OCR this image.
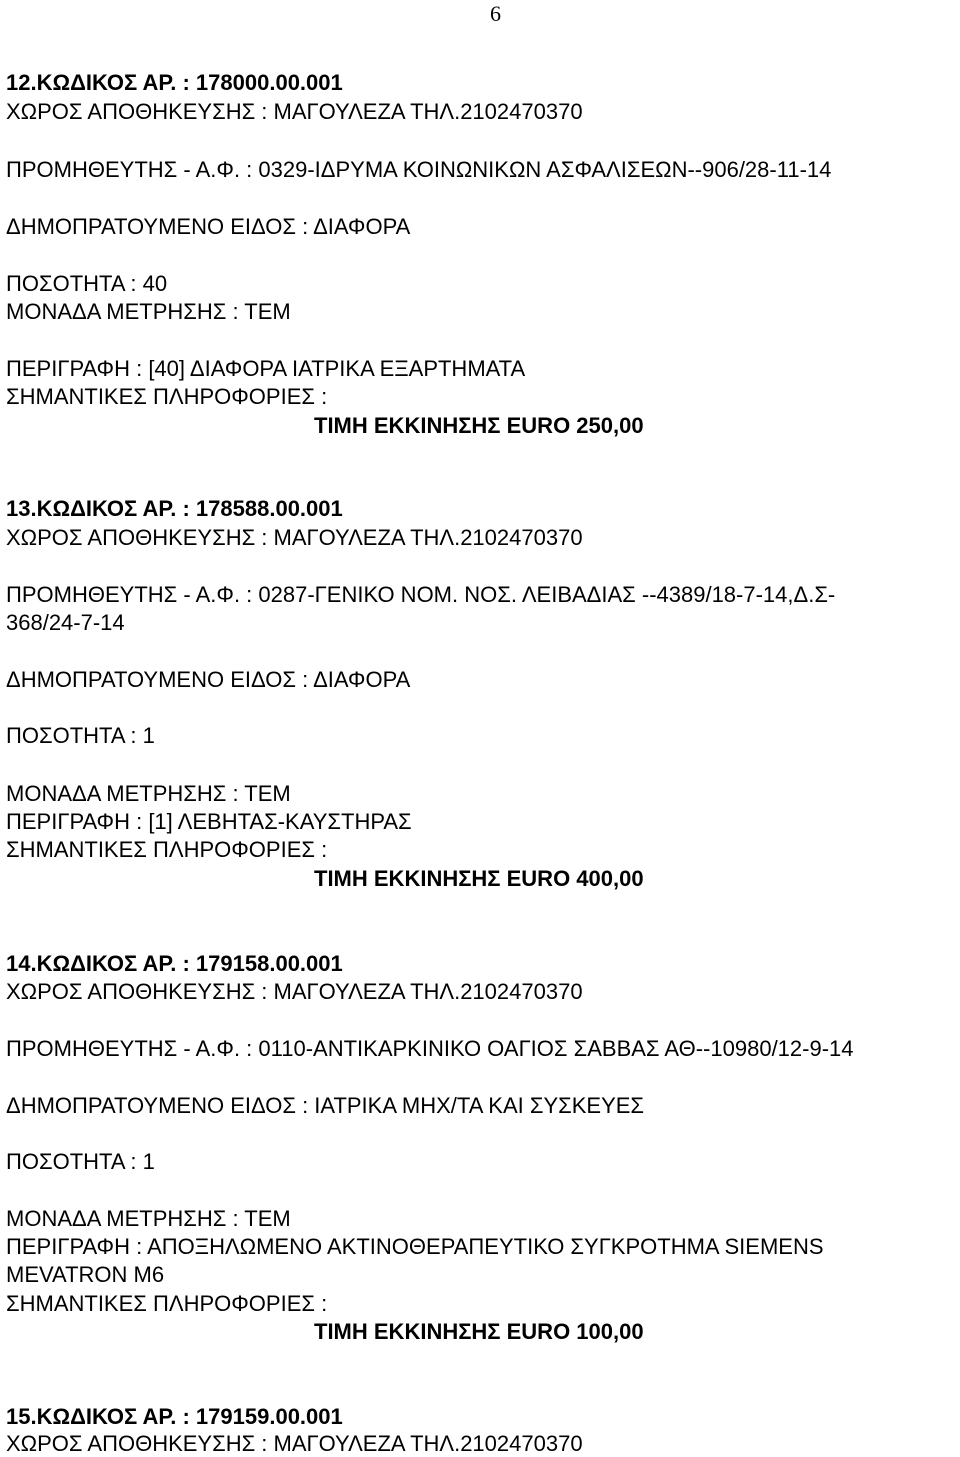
6
12.ΚΩΔΙΚΟΣ ΑΡ. : 178000.00.001
ΧΩΡΟΣ ΑΠΟΘΗΚΕΥΣΗΣ : ΜΑΓΟΥΛΕΖΑ ΤΗΛ.2102470370
ΠΡΟΜΗΘΕΥΤΗΣ - Α.Φ. : 0329-ΙΔΡΥΜΑ ΚΟΙΝΩΝΙΚΩΝ ΑΣΦΑΛΙΣΕΩΝ--906/28-11-14
ΔΗΜΟΠΡΑΤΟΥΜΕΝΟ ΕΙΔΟΣ : ΔΙΑΦΟΡΑ
ΠΟΣΟΤΗΤΑ : 40
ΜΟΝΑΔΑ ΜΕΤΡΗΣΗΣ : ΤΕΜ
ΠΕΡΙΓΡΑΦΗ : [40] ΔΙΑΦΟΡΑ ΙΑΤΡΙΚΑ ΕΞΑΡΤΗΜΑΤΑ
ΣΗΜΑΝΤΙΚΕΣ ΠΛΗΡΟΦΟΡΙΕΣ :
ΤΙΜΗ ΕΚΚΙΝΗΣΗΣ EURO 250,00
13.ΚΩΔΙΚΟΣ ΑΡ. : 178588.00.001
ΧΩΡΟΣ ΑΠΟΘΗΚΕΥΣΗΣ : ΜΑΓΟΥΛΕΖΑ ΤΗΛ.2102470370
ΠΡΟΜΗΘΕΥΤΗΣ - Α.Φ. : 0287-ΓΕΝΙΚΟ ΝΟΜ. ΝΟΣ. ΛΕΙΒΑΔΙΑΣ --4389/18-7-14,Δ.Σ-
368/24-7-14
ΔΗΜΟΠΡΑΤΟΥΜΕΝΟ ΕΙΔΟΣ : ΔΙΑΦΟΡΑ
ΠΟΣΟΤΗΤΑ : 1
ΜΟΝΑΔΑ ΜΕΤΡΗΣΗΣ : ΤΕΜ
ΠΕΡΙΓΡΑΦΗ : [1] ΛΕΒΗΤΑΣ-ΚΑΥΣΤΗΡΑΣ
ΣΗΜΑΝΤΙΚΕΣ ΠΛΗΡΟΦΟΡΙΕΣ :
ΤΙΜΗ ΕΚΚΙΝΗΣΗΣ EURO 400,00
14.ΚΩΔΙΚΟΣ ΑΡ. : 179158.00.001
ΧΩΡΟΣ ΑΠΟΘΗΚΕΥΣΗΣ : ΜΑΓΟΥΛΕΖΑ ΤΗΛ.2102470370
ΠΡΟΜΗΘΕΥΤΗΣ - Α.Φ. : 0110-ΑΝΤΙΚΑΡΚΙΝΙΚΟ ΟΑΓΙΟΣ ΣΑΒΒΑΣ ΑΘ--10980/12-9-14
ΔΗΜΟΠΡΑΤΟΥΜΕΝΟ ΕΙΔΟΣ : ΙΑΤΡΙΚΑ ΜΗΧ/ΤΑ ΚΑΙ ΣΥΣΚΕΥΕΣ
ΠΟΣΟΤΗΤΑ : 1
ΜΟΝΑΔΑ ΜΕΤΡΗΣΗΣ : ΤΕΜ
ΠΕΡΙΓΡΑΦΗ : ΑΠΟΞΗΛΩΜΕΝΟ ΑΚΤΙΝΟΘΕΡΑΠΕΥΤΙΚΟ ΣΥΓΚΡΟΤΗΜΑ SIEMENS
MEVATRON M6
ΣΗΜΑΝΤΙΚΕΣ ΠΛΗΡΟΦΟΡΙΕΣ :
ΤΙΜΗ ΕΚΚΙΝΗΣΗΣ EURO 100,00
15.ΚΩΔΙΚΟΣ ΑΡ. : 179159.00.001
ΧΩΡΟΣ ΑΠΟΘΗΚΕΥΣΗΣ : ΜΑΓΟΥΛΕΖΑ ΤΗΛ.2102470370
